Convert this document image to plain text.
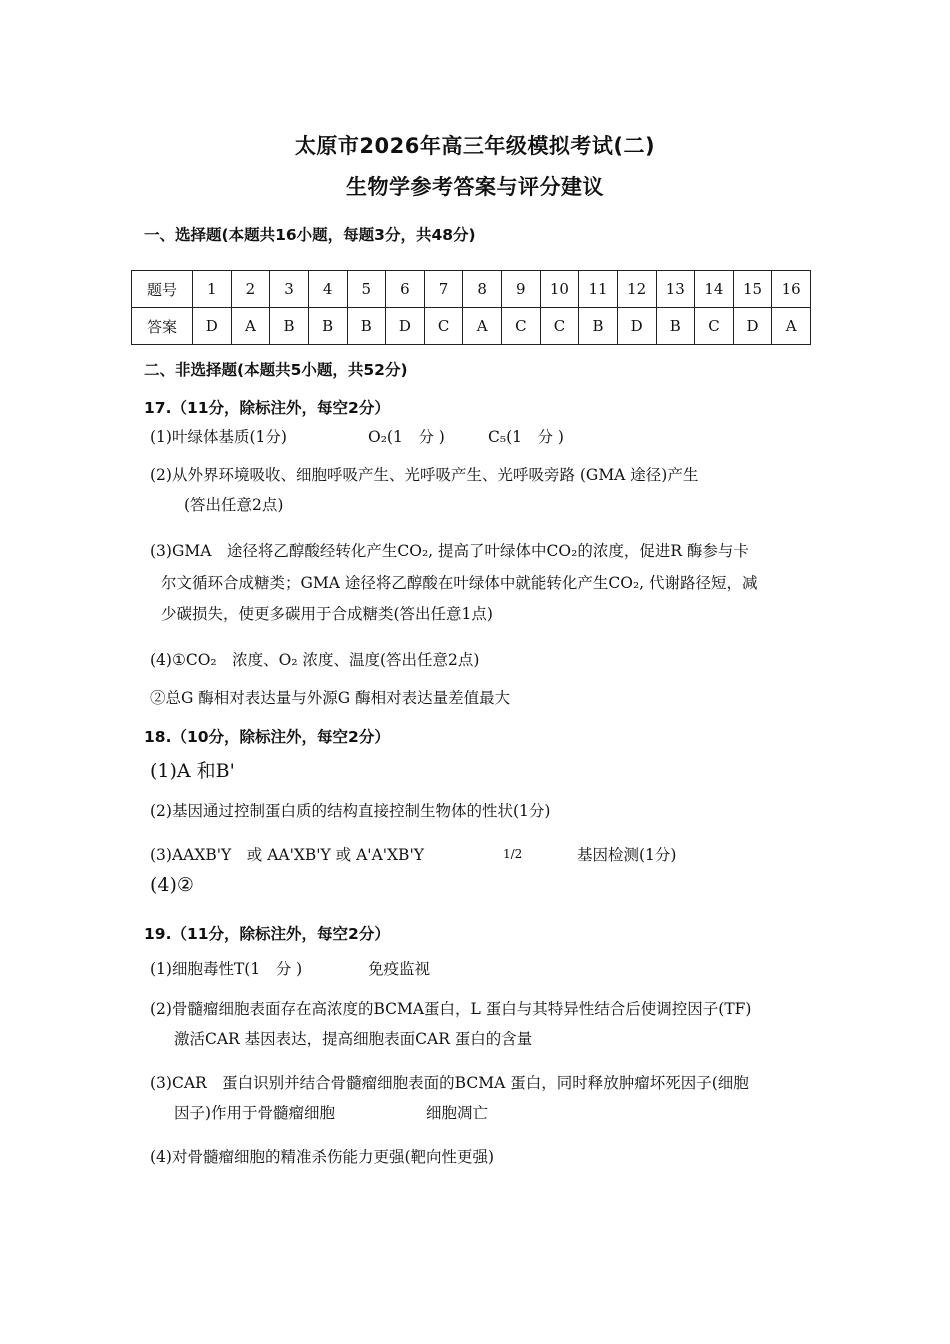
太原市2026年高三年级模拟考试(二)
生物学参考答案与评分建议
一、选择题(本题共16小题，每题3分，共48分)
题号	1	2	3	4	5	6	7	8	9	10	11	12	13	14	15	16
答案	D	A	B	B	B	D	C	A	C	C	B	D	B	C	D	A
二、非选择题(本题共5小题，共52分)
17.（11分，除标注外，每空2分）
(1)叶绿体基质(1分)	O₂(1　分 )	C₅(1　分 )
(2)从外界环境吸收、细胞呼吸产生、光呼吸产生、光呼吸旁路 (GMA 途径)产生
(答出任意2点)
(3)GMA　途径将乙醇酸经转化产生CO₂, 提高了叶绿体中CO₂的浓度，促进R 酶参与卡
尔文循环合成糖类；GMA 途径将乙醇酸在叶绿体中就能转化产生CO₂, 代谢路径短，减
少碳损失，使更多碳用于合成糖类(答出任意1点)
(4)①CO₂　浓度、O₂ 浓度、温度(答出任意2点)
②总G 酶相对表达量与外源G 酶相对表达量差值最大
18.（10分，除标注外，每空2分）
(1)A 和B'
(2)基因通过控制蛋白质的结构直接控制生物体的性状(1分)
(3)AAXB'Y　或 AA'XB'Y 或 A'A'XB'Y	1/2	基因检测(1分)
(4)②
19.（11分，除标注外，每空2分）
(1)细胞毒性T(1　分 )	免疫监视
(2)骨髓瘤细胞表面存在高浓度的BCMA蛋白，L 蛋白与其特异性结合后使调控因子(TF)
激活CAR 基因表达，提高细胞表面CAR 蛋白的含量
(3)CAR　蛋白识别并结合骨髓瘤细胞表面的BCMA 蛋白，同时释放肿瘤坏死因子(细胞
因子)作用于骨髓瘤细胞	细胞凋亡
(4)对骨髓瘤细胞的精准杀伤能力更强(靶向性更强)
